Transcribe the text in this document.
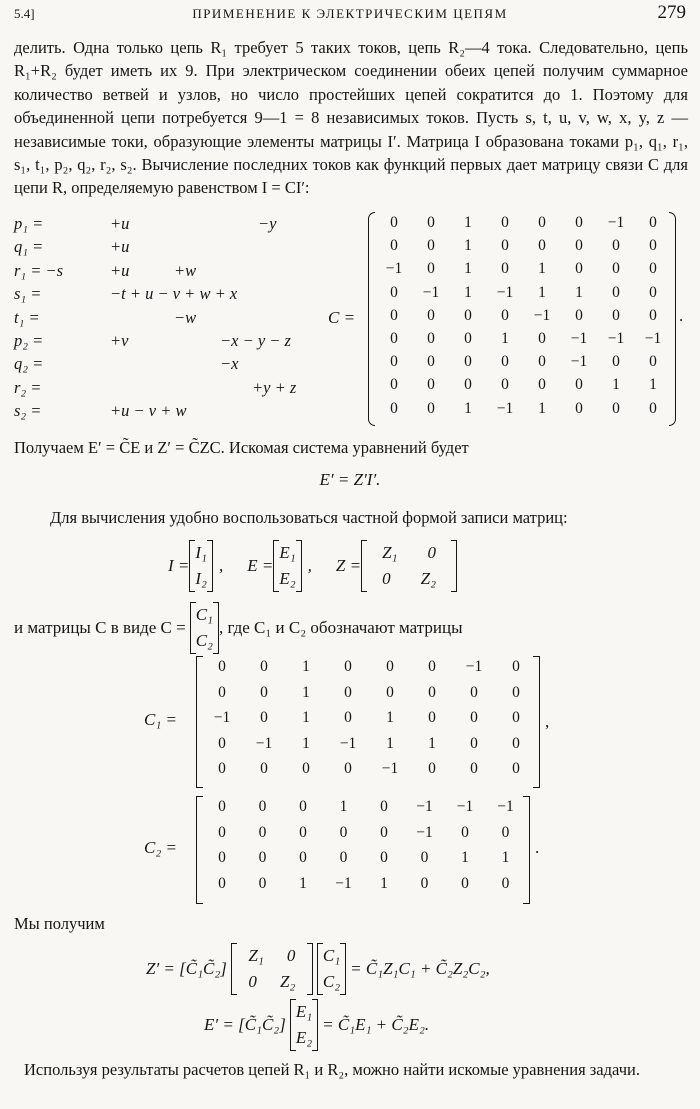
5.4]	ПРИМЕНЕНИЕ К ЭЛЕКТРИЧЕСКИМ ЦЕПЯМ	279
делить. Одна только цепь R₁ требует 5 таких токов, цепь R₂—4 тока. Следовательно, цепь R₁+R₂ будет иметь их 9. При электрическом соединении обеих цепей получим суммарное количество ветвей и узлов, но число простейших цепей сократится до 1. Поэтому для объединенной цепи потребуется 9—1 = 8 независимых токов. Пусть s, t, u, v, w, x, y, z — независимые токи, образующие элементы матрицы I′. Матрица I образована токами p₁, q₁, r₁, s₁, t₁, p₂, q₂, r₂, s₂. Вычисление последних токов как функций первых дает матрицу связи C для цепи R, определяемую равенством I = CI′:
p₁ =	+u	−y
q₁ =	+u
r₁ = −s	+u	+w
s₁ =	−t + u − v + w + x
t₁ =	−w
p₂ =	+v	−x − y − z
q₂ =	−x
r₂ =	+y + z
s₂ =	+u − v + w
C =
0	0	1	0	0	0	−1	0
0	0	1	0	0	0	0	0
−1	0	1	0	1	0	0	0
0	−1	1	−1	1	1	0	0
0	0	0	0	−1	0	0	0
0	0	0	1	0	−1	−1	−1
0	0	0	0	0	−1	0	0
0	0	0	0	0	0	1	1
0	0	1	−1	1	0	0	0
.
Получаем E′ = C̃E и Z′ = C̃ZC. Искомая система уравнений будет
E′ = Z′I′.
Для вычисления удобно воспользоваться частной формой записи матриц:
I =
I₁
I₂
, E =
E₁
E₂
, Z =
Z₁ 0
0 Z₂
и матрицы C в виде C =
C₁
C₂
, где C₁ и C₂ обозначают матрицы
C₁ =
0	0	1	0	0	0	−1	0
0	0	1	0	0	0	0	0
−1	0	1	0	1	0	0	0
0	−1	1	−1	1	1	0	0
0	0	0	0	−1	0	0	0
,
C₂ =
0	0	0	1	0	−1	−1	−1
0	0	0	0	0	−1	0	0
0	0	0	0	0	0	1	1
0	0	1	−1	1	0	0	0
.
Мы получим
Z′ = [C̃₁C̃₂]
Z₁ 0
0 Z₂
C₁
C₂
= C̃₁Z₁C₁ + C̃₂Z₂C₂,
E′ = [C̃₁C̃₂]
E₁
E₂
= C̃₁E₁ + C̃₂E₂.
Используя результаты расчетов цепей R₁ и R₂, можно найти искомые уравнения задачи.
